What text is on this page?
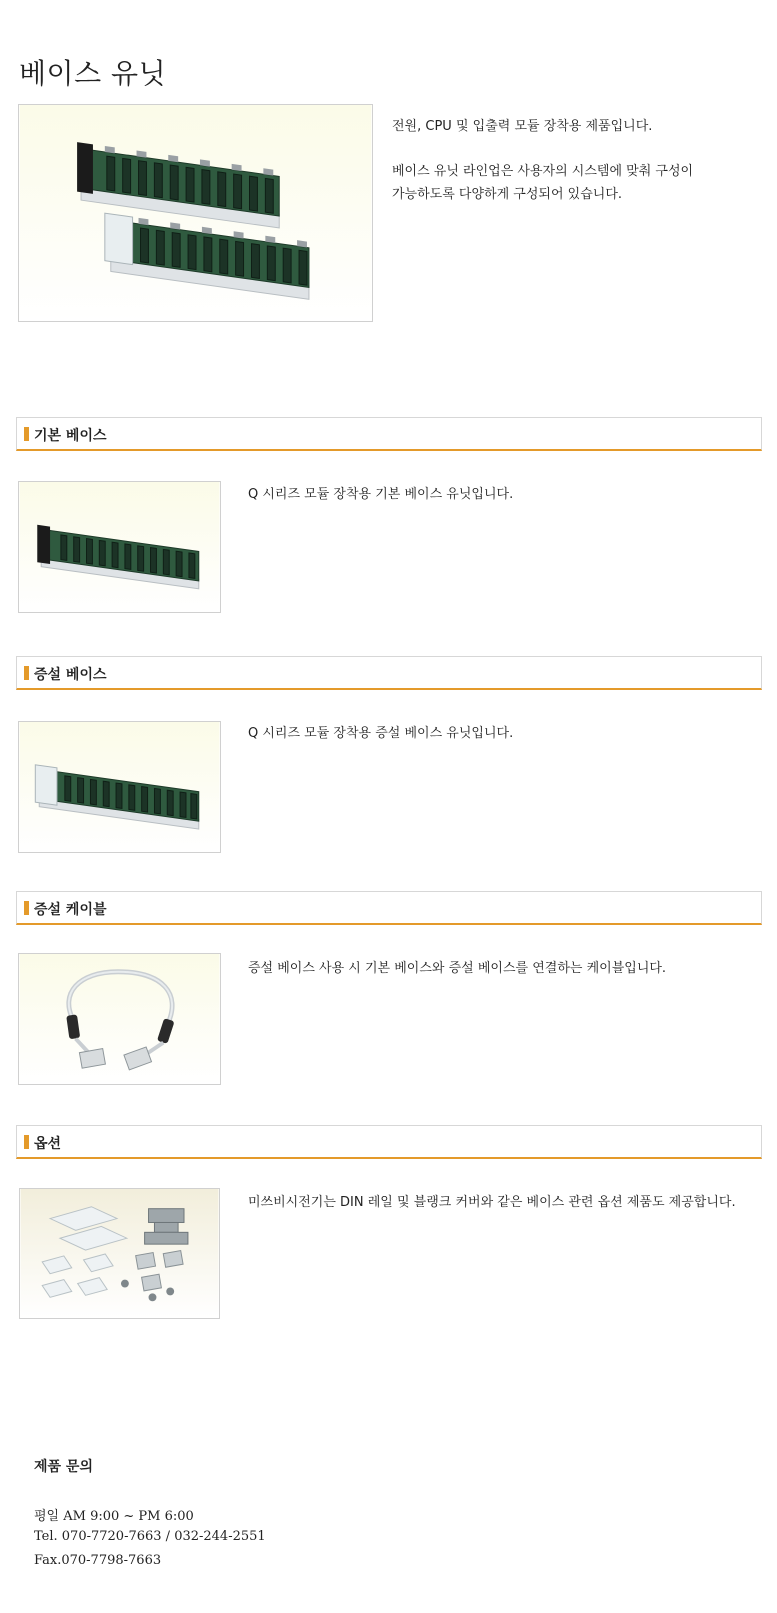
베이스 유닛

전원, CPU 및 입출력 모듈 장착용 제품입니다.

베이스 유닛 라인업은 사용자의 시스템에 맞춰 구성이
가능하도록 다양하게 구성되어 있습니다.
기본 베이스
Q 시리즈 모듈 장착용 기본 베이스 유닛입니다.
증설 베이스
Q 시리즈 모듈 장착용 증설 베이스 유닛입니다.
증설 케이블
증설 베이스 사용 시 기본 베이스와 증설 베이스를 연결하는 케이블입니다.
옵션
미쓰비시전기는 DIN 레일 및 블랭크 커버와 같은 베이스 관련 옵션 제품도 제공합니다.
제품 문의
평일 AM 9:00 ~ PM 6:00
Tel. 070-7720-7663 / 032-244-2551
Fax.070-7798-7663
